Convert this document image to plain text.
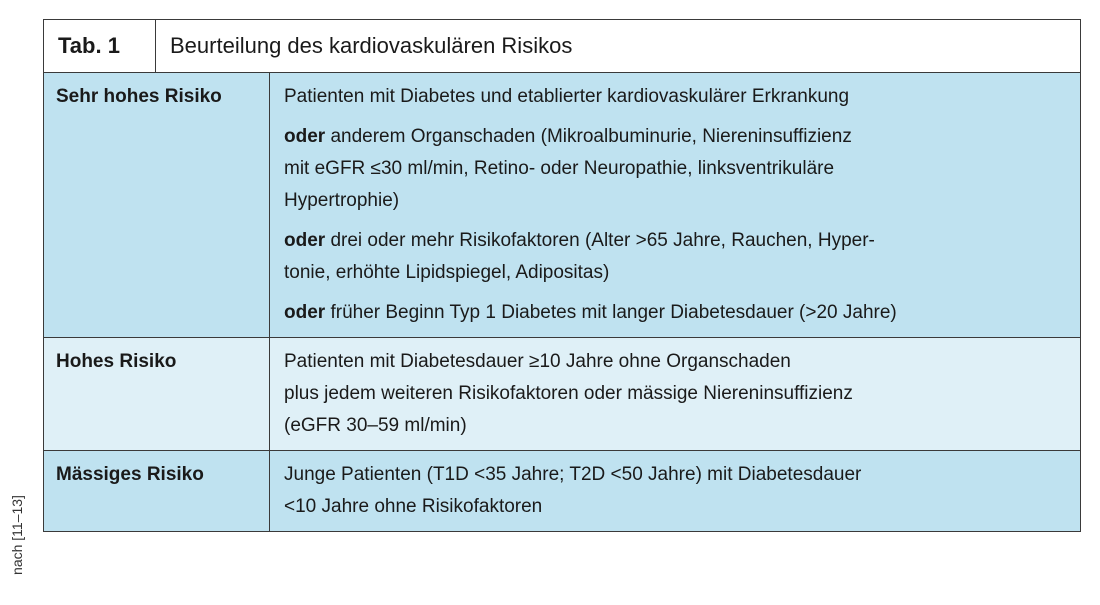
nach [11–13]
Tab. 1	Beurteilung des kardiovaskulären Risikos
Sehr hohes Risiko	Patienten mit Diabetes und etablierter kardiovaskulärer Erkrankung

oder anderem Organschaden (Mikroalbuminurie, Niereninsuffizienz
mit eGFR ≤30 ml/min, Retino- oder Neuropathie, linksventrikuläre
Hypertrophie)

oder drei oder mehr Risikofaktoren (Alter >65 Jahre, Rauchen, Hyper-
tonie, erhöhte Lipidspiegel, Adipositas)

oder früher Beginn Typ 1 Diabetes mit langer Diabetesdauer (>20 Jahre)

Hohes Risiko	Patienten mit Diabetesdauer ≥10 Jahre ohne Organschaden
plus jedem weiteren Risikofaktoren oder mässige Niereninsuffizienz
(eGFR 30–59 ml/min)

Mässiges Risiko	Junge Patienten (T1D <35 Jahre; T2D <50 Jahre) mit Diabetesdauer
<10 Jahre ohne Risikofaktoren
